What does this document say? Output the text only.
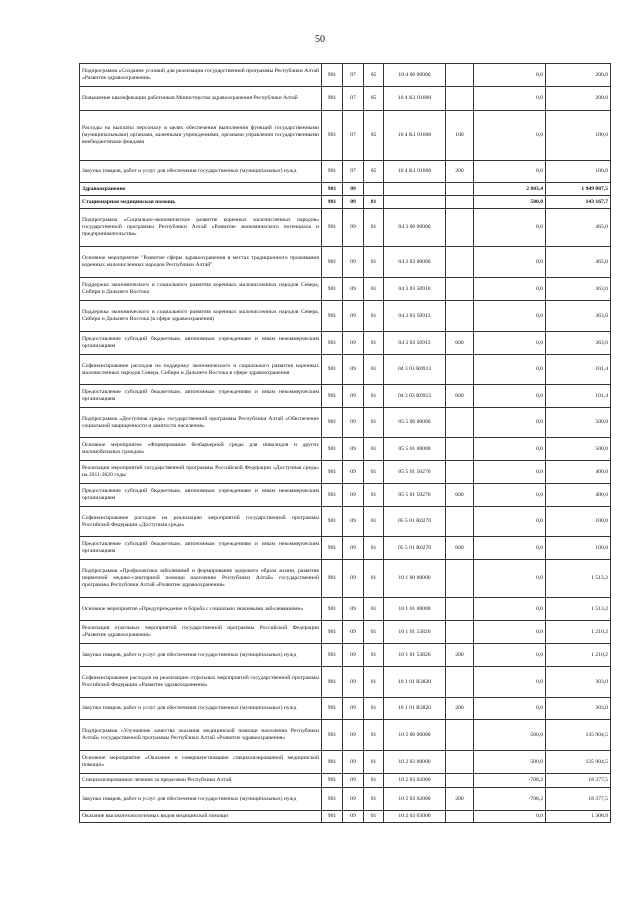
50
Подпрограмма «Создание условий для реализации государственной программы Республики Алтай «Развитие здравоохранения»	901	07	05	10 4 00 00000		0,0	200,0
Повышение квалификации работников Министерства здравоохранения Республики Алтай	901	07	05	10 4 K1 01000		0,0	200,0
Расходы на выплаты персоналу в целях обеспечения выполнения функций государственными (муниципальными) органами, казенными учреждениями, органами управления государственными внебюджетными фондами	901	07	05	10 4 K1 01000	100	0,0	100,0
Закупка товаров, работ и услуг для обеспечения государственных (муниципальных) нужд	901	07	05	10 4 K1 01000	200	0,0	100,0
Здравоохранение	901	09				2 803,4	1 949 087,5
Стационарная медицинская помощь	901	09	01			500,0	143 167,7
Подпрограмма «Социально-экономическое развитие коренных малочисленных народов» государственной программы Республики Алтай «Развитие экономического потенциала и предпринимательства»	901	09	01	04 3 00 00000		0,0	465,0
Основное мероприятие "Развитие сферы здравоохранения в местах традиционного проживания коренных малочисленных народов Республики Алтай"	901	09	01	04 3 03 00000		0,0	465,0
Поддержка экономического и социального развития коренных малочисленных народов Севера, Сибири и Дальнего Востока	901	09	01	04 3 03 50910		0,0	363,6
Поддержка экономического и социального развития коренных малочисленных народов Севера, Сибири и Дальнего Востока (в сфере здравоохранения)	901	09	01	04 3 03 50913		0,0	363,6
Предоставление субсидий бюджетным, автономным учреждениям и иным некоммерческим организациям	901	09	01	04 3 03 50913	600	0,0	363,6
Софинансирование расходов на поддержку экономического и социального развития коренных малочисленных народов Севера, Сибири и Дальнего Востока в сфере здравоохранения	901	09	01	04 3 03 R0913		0,0	101,4
Предоставление субсидий бюджетным, автономным учреждениям и иным некоммерческим организациям	901	09	01	04 3 03 R0913	600	0,0	101,4
Подпрограмма «Доступная среда» государственной программы Республики Алтай «Обеспечение социальной защищенности и занятости населения»	901	09	01	05 5 00 00000		0,0	500,0
Основное мероприятие «Формирование безбарьерной среды для инвалидов и других маломобильных граждан»	901	09	01	05 5 01 00000		0,0	500,0
Реализация мероприятий государственной программы Российской Федерации «Доступная среда» на 2011-2020 годы	901	09	01	05 5 01 50270		0,0	400,0
Предоставление субсидий бюджетным, автономным учреждениям и иным некоммерческим организациям	901	09	01	05 5 01 50270	600	0,0	400,0
Софинансирование расходов на реализацию мероприятий государственной программы Российской Федерации «Доступная среда»	901	09	01	05 5 01 R0270		0,0	100,0
Предоставление субсидий бюджетным, автономным учреждениям и иным некоммерческим организациям	901	09	01	05 5 01 R0270	600	0,0	100,0
Подпрограмма «Профилактика заболеваний и формирование здорового образа жизни, развитие первичной медико-санитарной помощи населению Республики Алтай» государственной программы Республики Алтай «Развитие здравоохранения»	901	09	01	10 1 00 00000		0,0	1 513,2
Основное мероприятие «Предупреждение и борьба с социально значимыми заболеваниями»	901	09	01	10 1 01 00000		0,0	1 513,2
Реализация отдельных мероприятий государственной программы Российской Федерации «Развитие здравоохранения»	901	09	01	10 1 01 53820		0,0	1 210,2
Закупка товаров, работ и услуг для обеспечения государственных (муниципальных) нужд	901	09	01	10 1 01 53820	200	0,0	1 210,2
Софинансирование расходов на реализацию отдельных мероприятий государственной программы Российской Федерации «Развитие здравоохранения»	901	09	01	10 1 01 R3820		0,0	303,0
Закупка товаров, работ и услуг для обеспечения государственных (муниципальных) нужд	901	09	01	10 1 01 R3820	200	0,0	303,0
Подпрограмма «Улучшение качества оказания медицинской помощи населению Республики Алтай» государственной программы Республики Алтай «Развитие здравоохранения»	901	09	01	10 2 00 00000		500,0	135 904,5
Основное мероприятие «Оказание и совершенствование специализированной медицинской помощи»	901	09	01	10 2 03 00000		500,0	135 904,5
Специализированное лечение за пределами Республики Алтай	901	09	01	10 2 03 02000		-708,2	18 377,5
Закупка товаров, работ и услуг для обеспечения государственных (муниципальных) нужд	901	09	01	10 2 03 02000	200	-708,2	18 377,5
Оказание высокотехнологичных видов медицинской помощи	901	09	01	10 2 03 03000		0,0	1 308,9
